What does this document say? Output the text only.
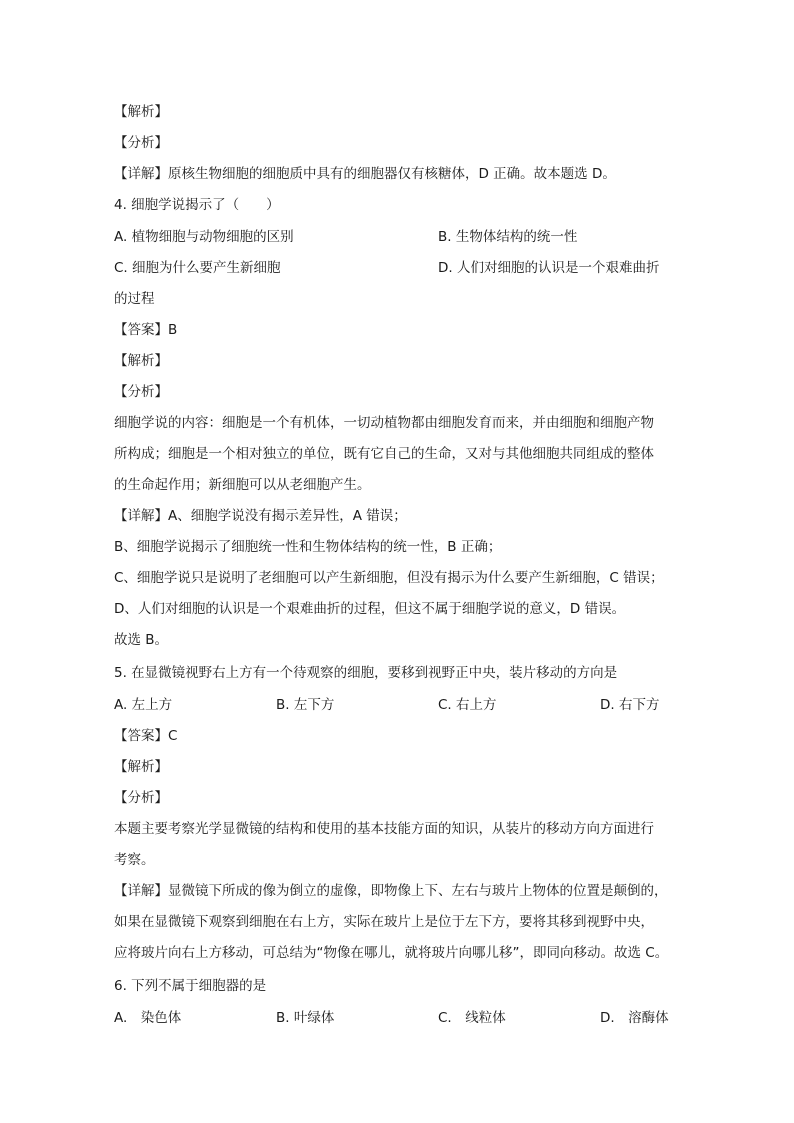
【解析】
【分析】
【详解】原核生物细胞的细胞质中具有的细胞器仅有核糖体，D 正确。故本题选 D。
4. 细胞学说揭示了（　　）
A. 植物细胞与动物细胞的区别	B. 生物体结构的统一性
C. 细胞为什么要产生新细胞	D. 人们对细胞的认识是一个艰难曲折
的过程
【答案】B
【解析】
【分析】
细胞学说的内容：细胞是一个有机体，一切动植物都由细胞发育而来，并由细胞和细胞产物
所构成；细胞是一个相对独立的单位，既有它自己的生命，又对与其他细胞共同组成的整体
的生命起作用；新细胞可以从老细胞产生。
【详解】A、细胞学说没有揭示差异性，A 错误；
B、细胞学说揭示了细胞统一性和生物体结构的统一性，B 正确；
C、细胞学说只是说明了老细胞可以产生新细胞，但没有揭示为什么要产生新细胞，C 错误；
D、人们对细胞的认识是一个艰难曲折的过程，但这不属于细胞学说的意义，D 错误。
故选 B。
5. 在显微镜视野右上方有一个待观察的细胞，要移到视野正中央，装片移动的方向是
A. 左上方	B. 左下方	C. 右上方	D. 右下方
【答案】C
【解析】
【分析】
本题主要考察光学显微镜的结构和使用的基本技能方面的知识，从装片的移动方向方面进行
考察。
【详解】显微镜下所成的像为倒立的虚像，即物像上下、左右与玻片上物体的位置是颠倒的，
如果在显微镜下观察到细胞在右上方，实际在玻片上是位于左下方，要将其移到视野中央，
应将玻片向右上方移动，可总结为“物像在哪儿，就将玻片向哪儿移”，即同向移动。故选 C。
6. 下列不属于细胞器的是
A.　染色体	B. 叶绿体	C.　线粒体	D.　溶酶体
